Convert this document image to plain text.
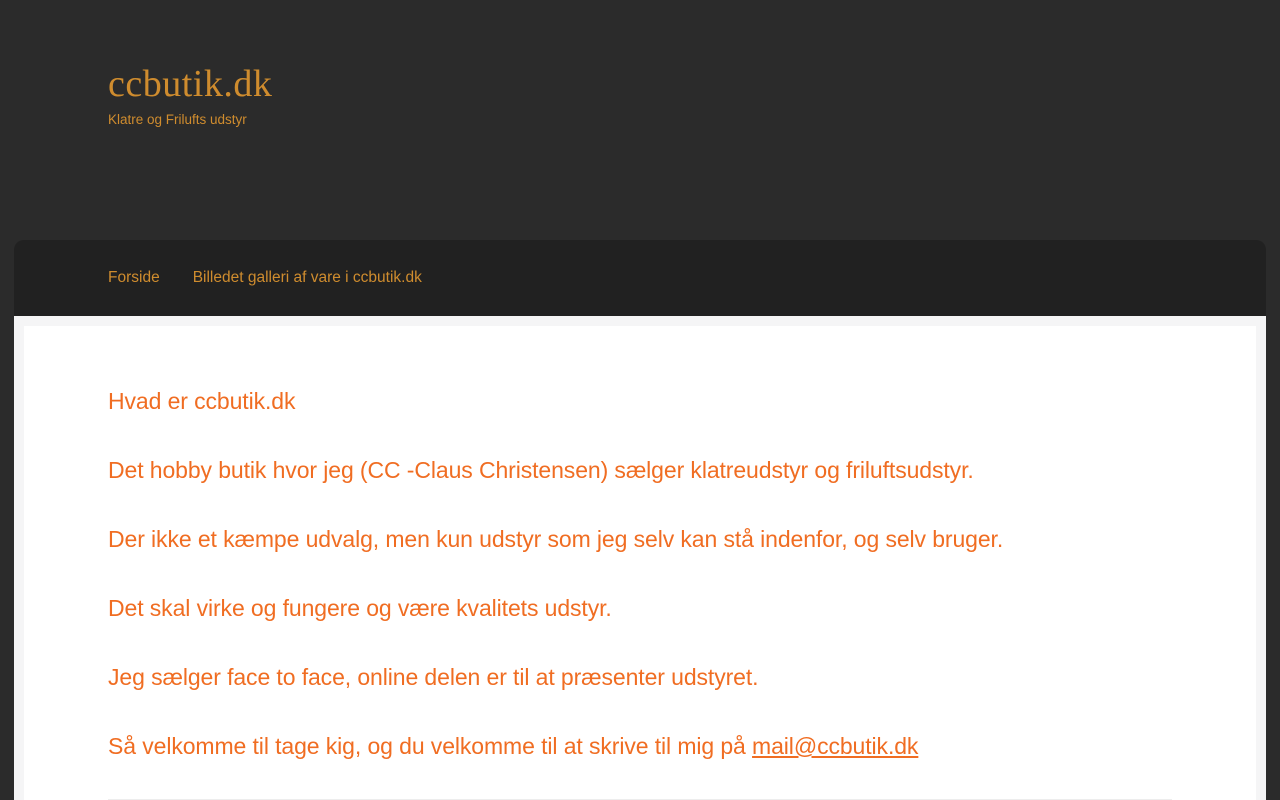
ccbutik.dk
Klatre og Frilufts udstyr
Forside Billedet galleri af vare i ccbutik.dk

Hvad er ccbutik.dk

Det hobby butik hvor jeg (CC -Claus Christensen) sælger klatreudstyr og friluftsudstyr.

Der ikke et kæmpe udvalg, men kun udstyr som jeg selv kan stå indenfor, og selv bruger.

Det skal virke og fungere og være kvalitets udstyr.

Jeg sælger face to face, online delen er til at præsenter udstyret.

Så velkomme til tage kig, og du velkomme til at skrive til mig på mail@ccbutik.dk
